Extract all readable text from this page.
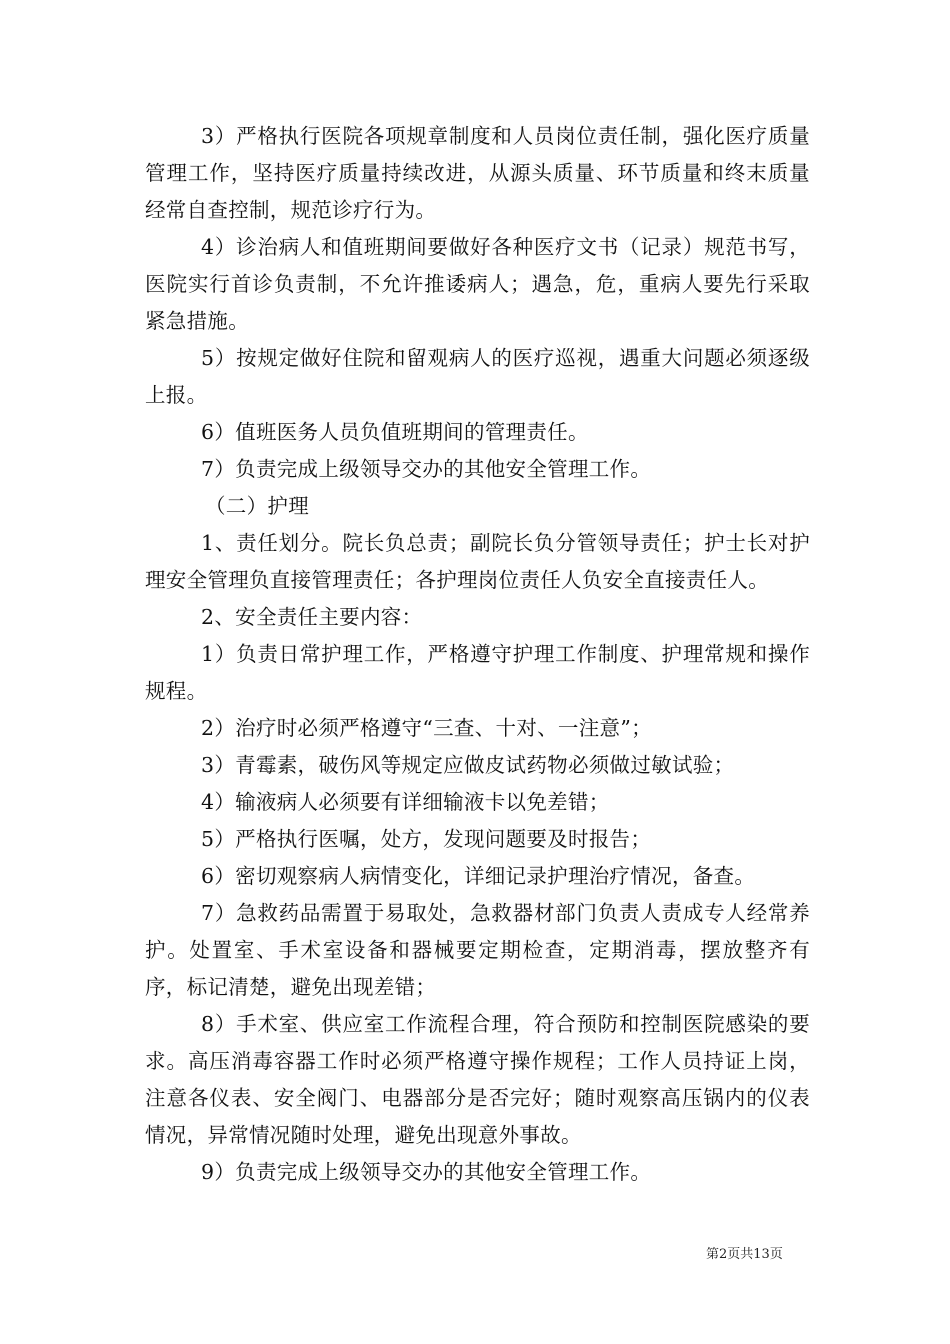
3）严格执行医院各项规章制度和人员岗位责任制，强化医疗质量管理工作，坚持医疗质量持续改进，从源头质量、环节质量和终末质量经常自查控制，规范诊疗行为。

4）诊治病人和值班期间要做好各种医疗文书（记录）规范书写，医院实行首诊负责制，不允许推诿病人；遇急，危，重病人要先行采取紧急措施。

5）按规定做好住院和留观病人的医疗巡视，遇重大问题必须逐级上报。

6）值班医务人员负值班期间的管理责任。

7）负责完成上级领导交办的其他安全管理工作。

（二）护理

1、责任划分。院长负总责；副院长负分管领导责任；护士长对护理安全管理负直接管理责任；各护理岗位责任人负安全直接责任人。

2、安全责任主要内容：

1）负责日常护理工作，严格遵守护理工作制度、护理常规和操作规程。

2）治疗时必须严格遵守“三查、十对、一注意”；

3）青霉素，破伤风等规定应做皮试药物必须做过敏试验；

4）输液病人必须要有详细输液卡以免差错；

5）严格执行医嘱，处方，发现问题要及时报告；

6）密切观察病人病情变化，详细记录护理治疗情况，备查。

7）急救药品需置于易取处，急救器材部门负责人责成专人经常养护。处置室、手术室设备和器械要定期检查，定期消毒，摆放整齐有序，标记清楚，避免出现差错；

8）手术室、供应室工作流程合理，符合预防和控制医院感染的要求。高压消毒容器工作时必须严格遵守操作规程；工作人员持证上岗，注意各仪表、安全阀门、电器部分是否完好；随时观察高压锅内的仪表情况，异常情况随时处理，避免出现意外事故。

9）负责完成上级领导交办的其他安全管理工作。

第2页共13页
